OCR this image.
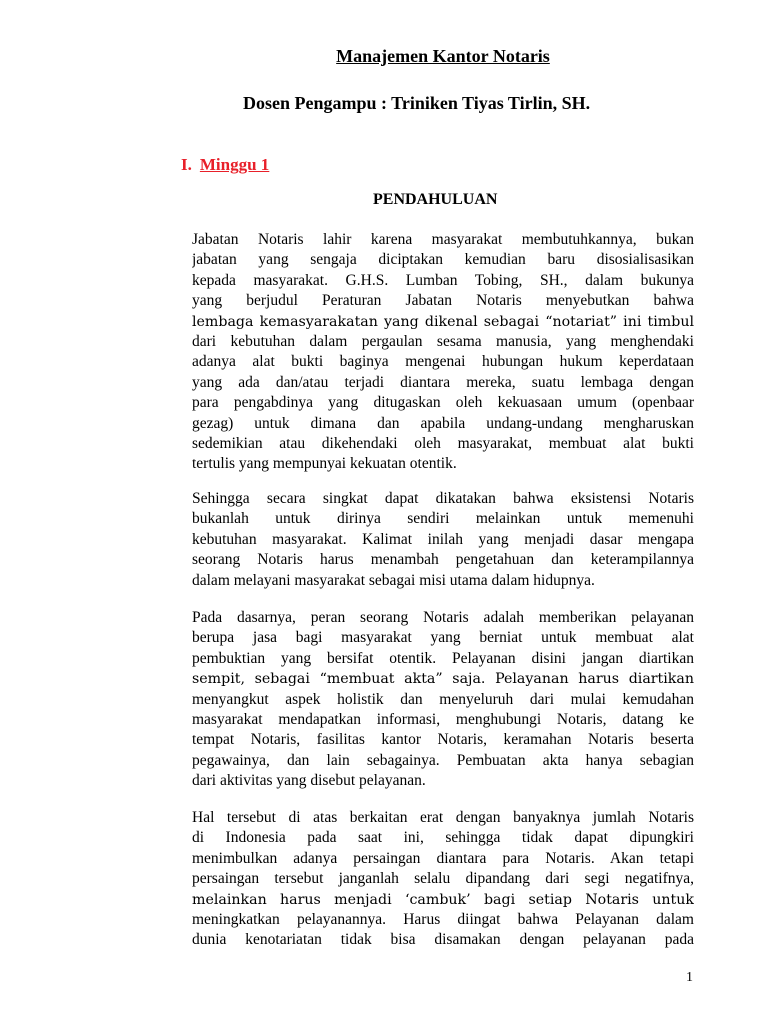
Manajemen Kantor Notaris
Dosen Pengampu : Triniken Tiyas Tirlin, SH.
I. Minggu 1
PENDAHULUAN
Jabatan Notaris lahir karena masyarakat membutuhkannya, bukan
jabatan yang sengaja diciptakan kemudian baru disosialisasikan
kepada masyarakat. G.H.S. Lumban Tobing, SH., dalam bukunya
yang berjudul Peraturan Jabatan Notaris menyebutkan bahwa
lembaga kemasyarakatan yang dikenal sebagai “notariat” ini timbul
dari kebutuhan dalam pergaulan sesama manusia, yang menghendaki
adanya alat bukti baginya mengenai hubungan hukum keperdataan
yang ada dan/atau terjadi diantara mereka, suatu lembaga dengan
para pengabdinya yang ditugaskan oleh kekuasaan umum (openbaar
gezag) untuk dimana dan apabila undang-undang mengharuskan
sedemikian atau dikehendaki oleh masyarakat, membuat alat bukti
tertulis yang mempunyai kekuatan otentik.
Sehingga secara singkat dapat dikatakan bahwa eksistensi Notaris
bukanlah untuk dirinya sendiri melainkan untuk memenuhi
kebutuhan masyarakat. Kalimat inilah yang menjadi dasar mengapa
seorang Notaris harus menambah pengetahuan dan keterampilannya
dalam melayani masyarakat sebagai misi utama dalam hidupnya.
Pada dasarnya, peran seorang Notaris adalah memberikan pelayanan
berupa jasa bagi masyarakat yang berniat untuk membuat alat
pembuktian yang bersifat otentik. Pelayanan disini jangan diartikan
sempit, sebagai “membuat akta” saja. Pelayanan harus diartikan
menyangkut aspek holistik dan menyeluruh dari mulai kemudahan
masyarakat mendapatkan informasi, menghubungi Notaris, datang ke
tempat Notaris, fasilitas kantor Notaris, keramahan Notaris beserta
pegawainya, dan lain sebagainya. Pembuatan akta hanya sebagian
dari aktivitas yang disebut pelayanan.
Hal tersebut di atas berkaitan erat dengan banyaknya jumlah Notaris
di Indonesia pada saat ini, sehingga tidak dapat dipungkiri
menimbulkan adanya persaingan diantara para Notaris. Akan tetapi
persaingan tersebut janganlah selalu dipandang dari segi negatifnya,
melainkan harus menjadi ‘cambuk’ bagi setiap Notaris untuk
meningkatkan pelayanannya. Harus diingat bahwa Pelayanan dalam
dunia kenotariatan tidak bisa disamakan dengan pelayanan pada
1
